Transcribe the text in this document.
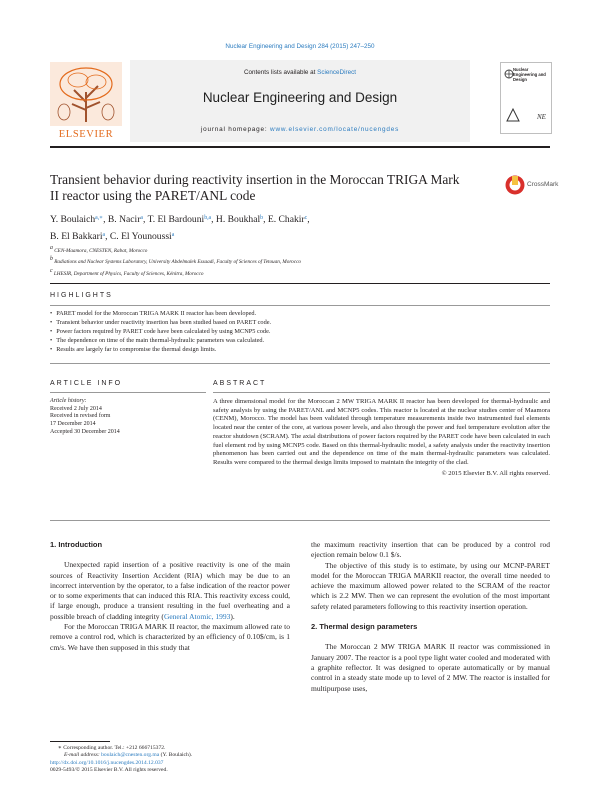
Nuclear Engineering and Design 284 (2015) 247–250
ELSEVIER
Contents lists available at ScienceDirect
Nuclear Engineering and Design
journal homepage: www.elsevier.com/locate/nucengdes
Nuclear Engineering and Design
NE
Transient behavior during reactivity insertion in the Moroccan TRIGA Mark II reactor using the PARET/ANL code
CrossMark
Y. Boulaich$^{a,∗}$, B. Nacir$^a$, T. El Bardouni$^{b,a}$, H. Boukhal$^b$, E. Chakir$^c$,
B. El Bakkari$^a$, C. El Younoussi$^a$
a CEN-Maamora, CNESTEN, Rabat, Morocco
b Radiations and Nuclear Systems Laboratory, University Abdelmalek Essaadi, Faculty of Sciences of Tetouan, Morocco
c LHESIR, Department of Physics, Faculty of Sciences, Kénitra, Morocco
HIGHLIGHTS
• PARET model for the Moroccan TRIGA MARK II reactor has been developed.
• Transient behavior under reactivity insertion has been studied based on PARET code.
• Power factors required by PARET code have been calculated by using MCNP5 code.
• The dependence on time of the main thermal-hydraulic parameters was calculated.
• Results are largely far to compromise the thermal design limits.
ARTICLE INFO	ABSTRACT
Article history:
Received 2 July 2014
Received in revised form
17 December 2014
Accepted 30 December 2014
A three dimensional model for the Moroccan 2 MW TRIGA MARK II reactor has been developed for thermal-hydraulic and safety analysis by using the PARET/ANL and MCNP5 codes. This reactor is located at the nuclear studies center of Maamora (CENM), Morocco. The model has been validated through temperature measurements inside two instrumented fuel elements located near the center of the core, at various power levels, and also through the power and fuel temperature evolution after the reactor shutdown (SCRAM). The axial distributions of power factors required by the PARET code have been calculated in each fuel element rod by using MCNP5 code. Based on this thermal-hydraulic model, a safety analysis under the reactivity insertion phenomenon has been carried out and the dependence on time of the main thermal-hydraulic parameters was calculated. Results were compared to the thermal design limits imposed to maintain the integrity of the clad.
© 2015 Elsevier B.V. All rights reserved.
1. Introduction

Unexpected rapid insertion of a positive reactivity is one of the main sources of Reactivity Insertion Accident (RIA) which may be due to an incorrect intervention by the operator, to a false indication of the reactor power or to some experiments that can induced this RIA. This reactivity excess could, if large enough, produce a transient resulting in the fuel overheating and a possible breach of cladding integrity (General Atomic, 1993).

For the Moroccan TRIGA MARK II reactor, the maximum allowed rate to remove a control rod, which is characterized by an efficiency of 0.10$/cm, is 1 cm/s. We have then supposed in this study that

the maximum reactivity insertion that can be produced by a control rod ejection remain below 0.1 $/s.

The objective of this study is to estimate, by using our MCNP-PARET model for the Moroccan TRIGA MARKII reactor, the overall time needed to achieve the maximum allowed power related to the SCRAM of the reactor which is 2.2 MW. Then we can represent the evolution of the most important safety related parameters following to this reactivity insertion operation.

2. Thermal design parameters

The Moroccan 2 MW TRIGA MARK II reactor was commissioned in January 2007. The reactor is a pool type light water cooled and moderated with a graphite reflector. It was designed to operate automatically or by manual control in a steady state mode up to level of 2 MW. The reactor is installed for multipurpose uses,

∗ Corresponding author. Tel.: +212 666715372.
E-mail address: boulaich@cnesten.org.ma (Y. Boulaich).
http://dx.doi.org/10.1016/j.nucengdes.2014.12.037
0029-5493/© 2015 Elsevier B.V. All rights reserved.
